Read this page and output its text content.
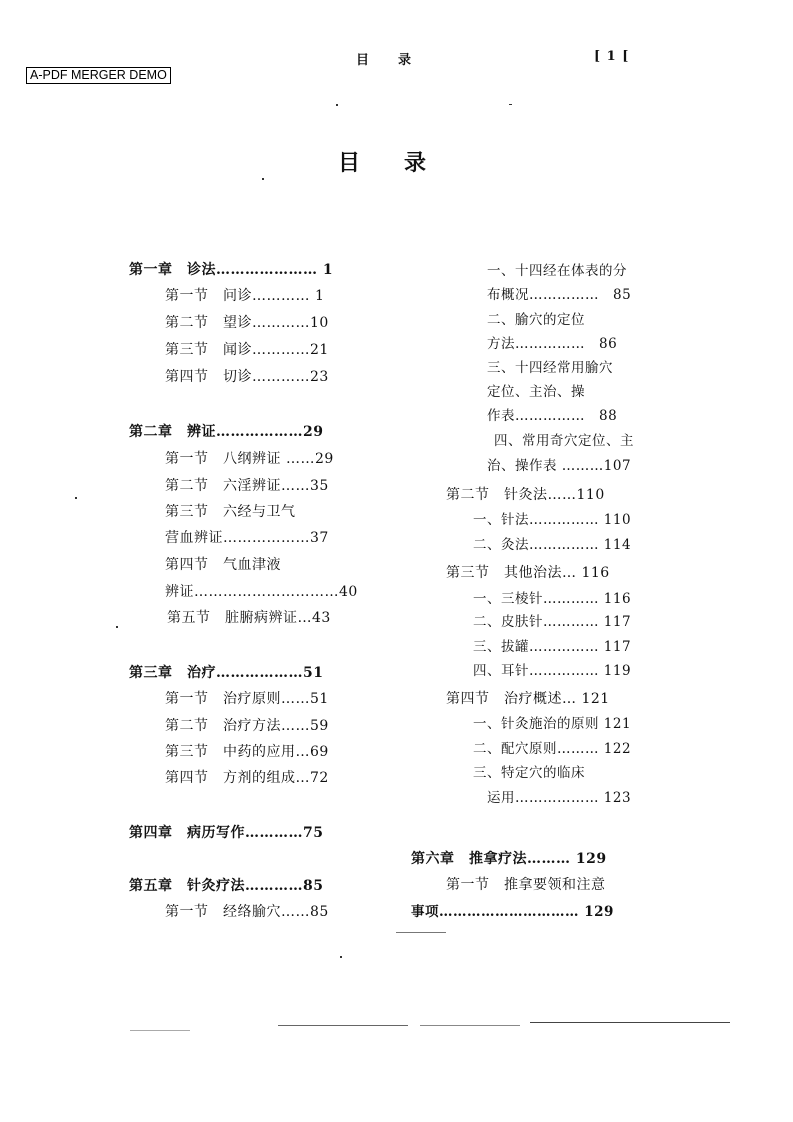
A-PDF MERGER DEMO
目　　录	[ 1 [
目　　录
第一章　诊法………………… 1
第一节　问诊………… 1
第二节　望诊…………10
第三节　闻诊…………21
第四节　切诊…………23
第二章　辨证………………29
第一节　八纲辨证 ……29
第二节　六淫辨证……35
第三节　六经与卫气
营血辨证………………37
第四节　气血津液
辨证…………………………40
第五节　脏腑病辨证…43
第三章　治疗………………51
第一节　治疗原则……51
第二节　治疗方法……59
第三节　中药的应用…69
第四节　方剂的组成…72
第四章　病历写作…………75
第五章　针灸疗法…………85
第一节　经络腧穴……85
一、十四经在体表的分
布概况……………　85
二、腧穴的定位
方法……………　86
三、十四经常用腧穴
定位、主治、操
作表……………　88
四、常用奇穴定位、主
治、操作表 ………107
第二节　针灸法……110
一、针法…………… 110
二、灸法…………… 114
第三节　其他治法… 116
一、三棱针………… 116
二、皮肤针………… 117
三、拔罐…………… 117
四、耳针…………… 119
第四节　治疗概述… 121
一、针灸施治的原则 121
二、配穴原则……… 122
三、特定穴的临床
运用……………… 123
第六章　推拿疗法……… 129
第一节　推拿要领和注意
事项………………………… 129
